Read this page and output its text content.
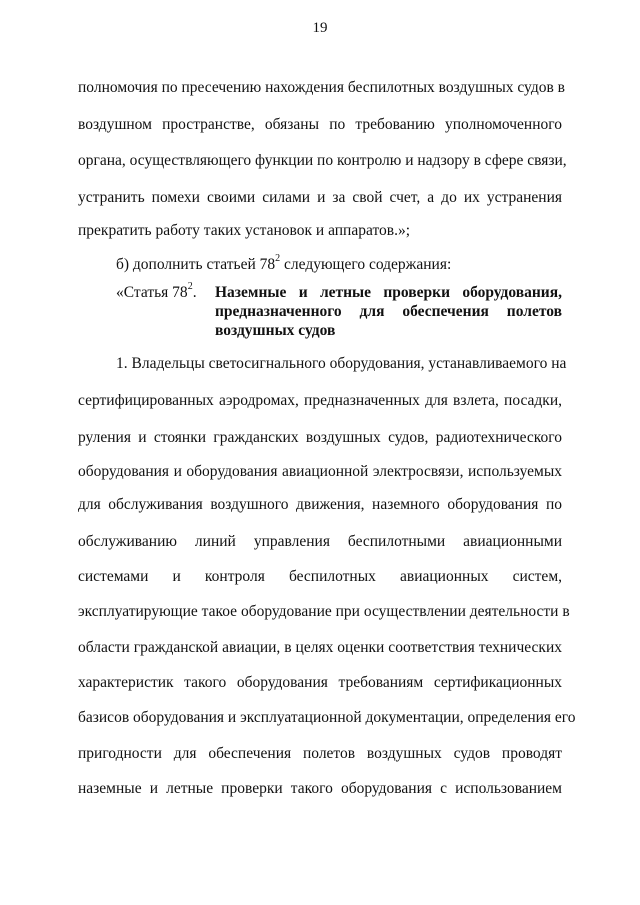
19
полномочия по пресечению нахождения беспилотных воздушных судов в
воздушном пространстве, обязаны по требованию уполномоченного
органа, осуществляющего функции по контролю и надзору в сфере связи,
устранить помехи своими силами и за свой счет, а до их устранения
прекратить работу таких установок и аппаратов.»;
б) дополнить статьей $78^2$ следующего содержания:
«Статья $78^2$. Наземные и летные проверки оборудования,
предназначенного для обеспечения полетов
воздушных судов
1. Владельцы светосигнального оборудования, устанавливаемого на
сертифицированных аэродромах, предназначенных для взлета, посадки,
руления и стоянки гражданских воздушных судов, радиотехнического
оборудования и оборудования авиационной электросвязи, используемых
для обслуживания воздушного движения, наземного оборудования по
обслуживанию линий управления беспилотными авиационными
системами и контроля беспилотных авиационных систем,
эксплуатирующие такое оборудование при осуществлении деятельности в
области гражданской авиации, в целях оценки соответствия технических
характеристик такого оборудования требованиям сертификационных
базисов оборудования и эксплуатационной документации, определения его
пригодности для обеспечения полетов воздушных судов проводят
наземные и летные проверки такого оборудования с использованием
